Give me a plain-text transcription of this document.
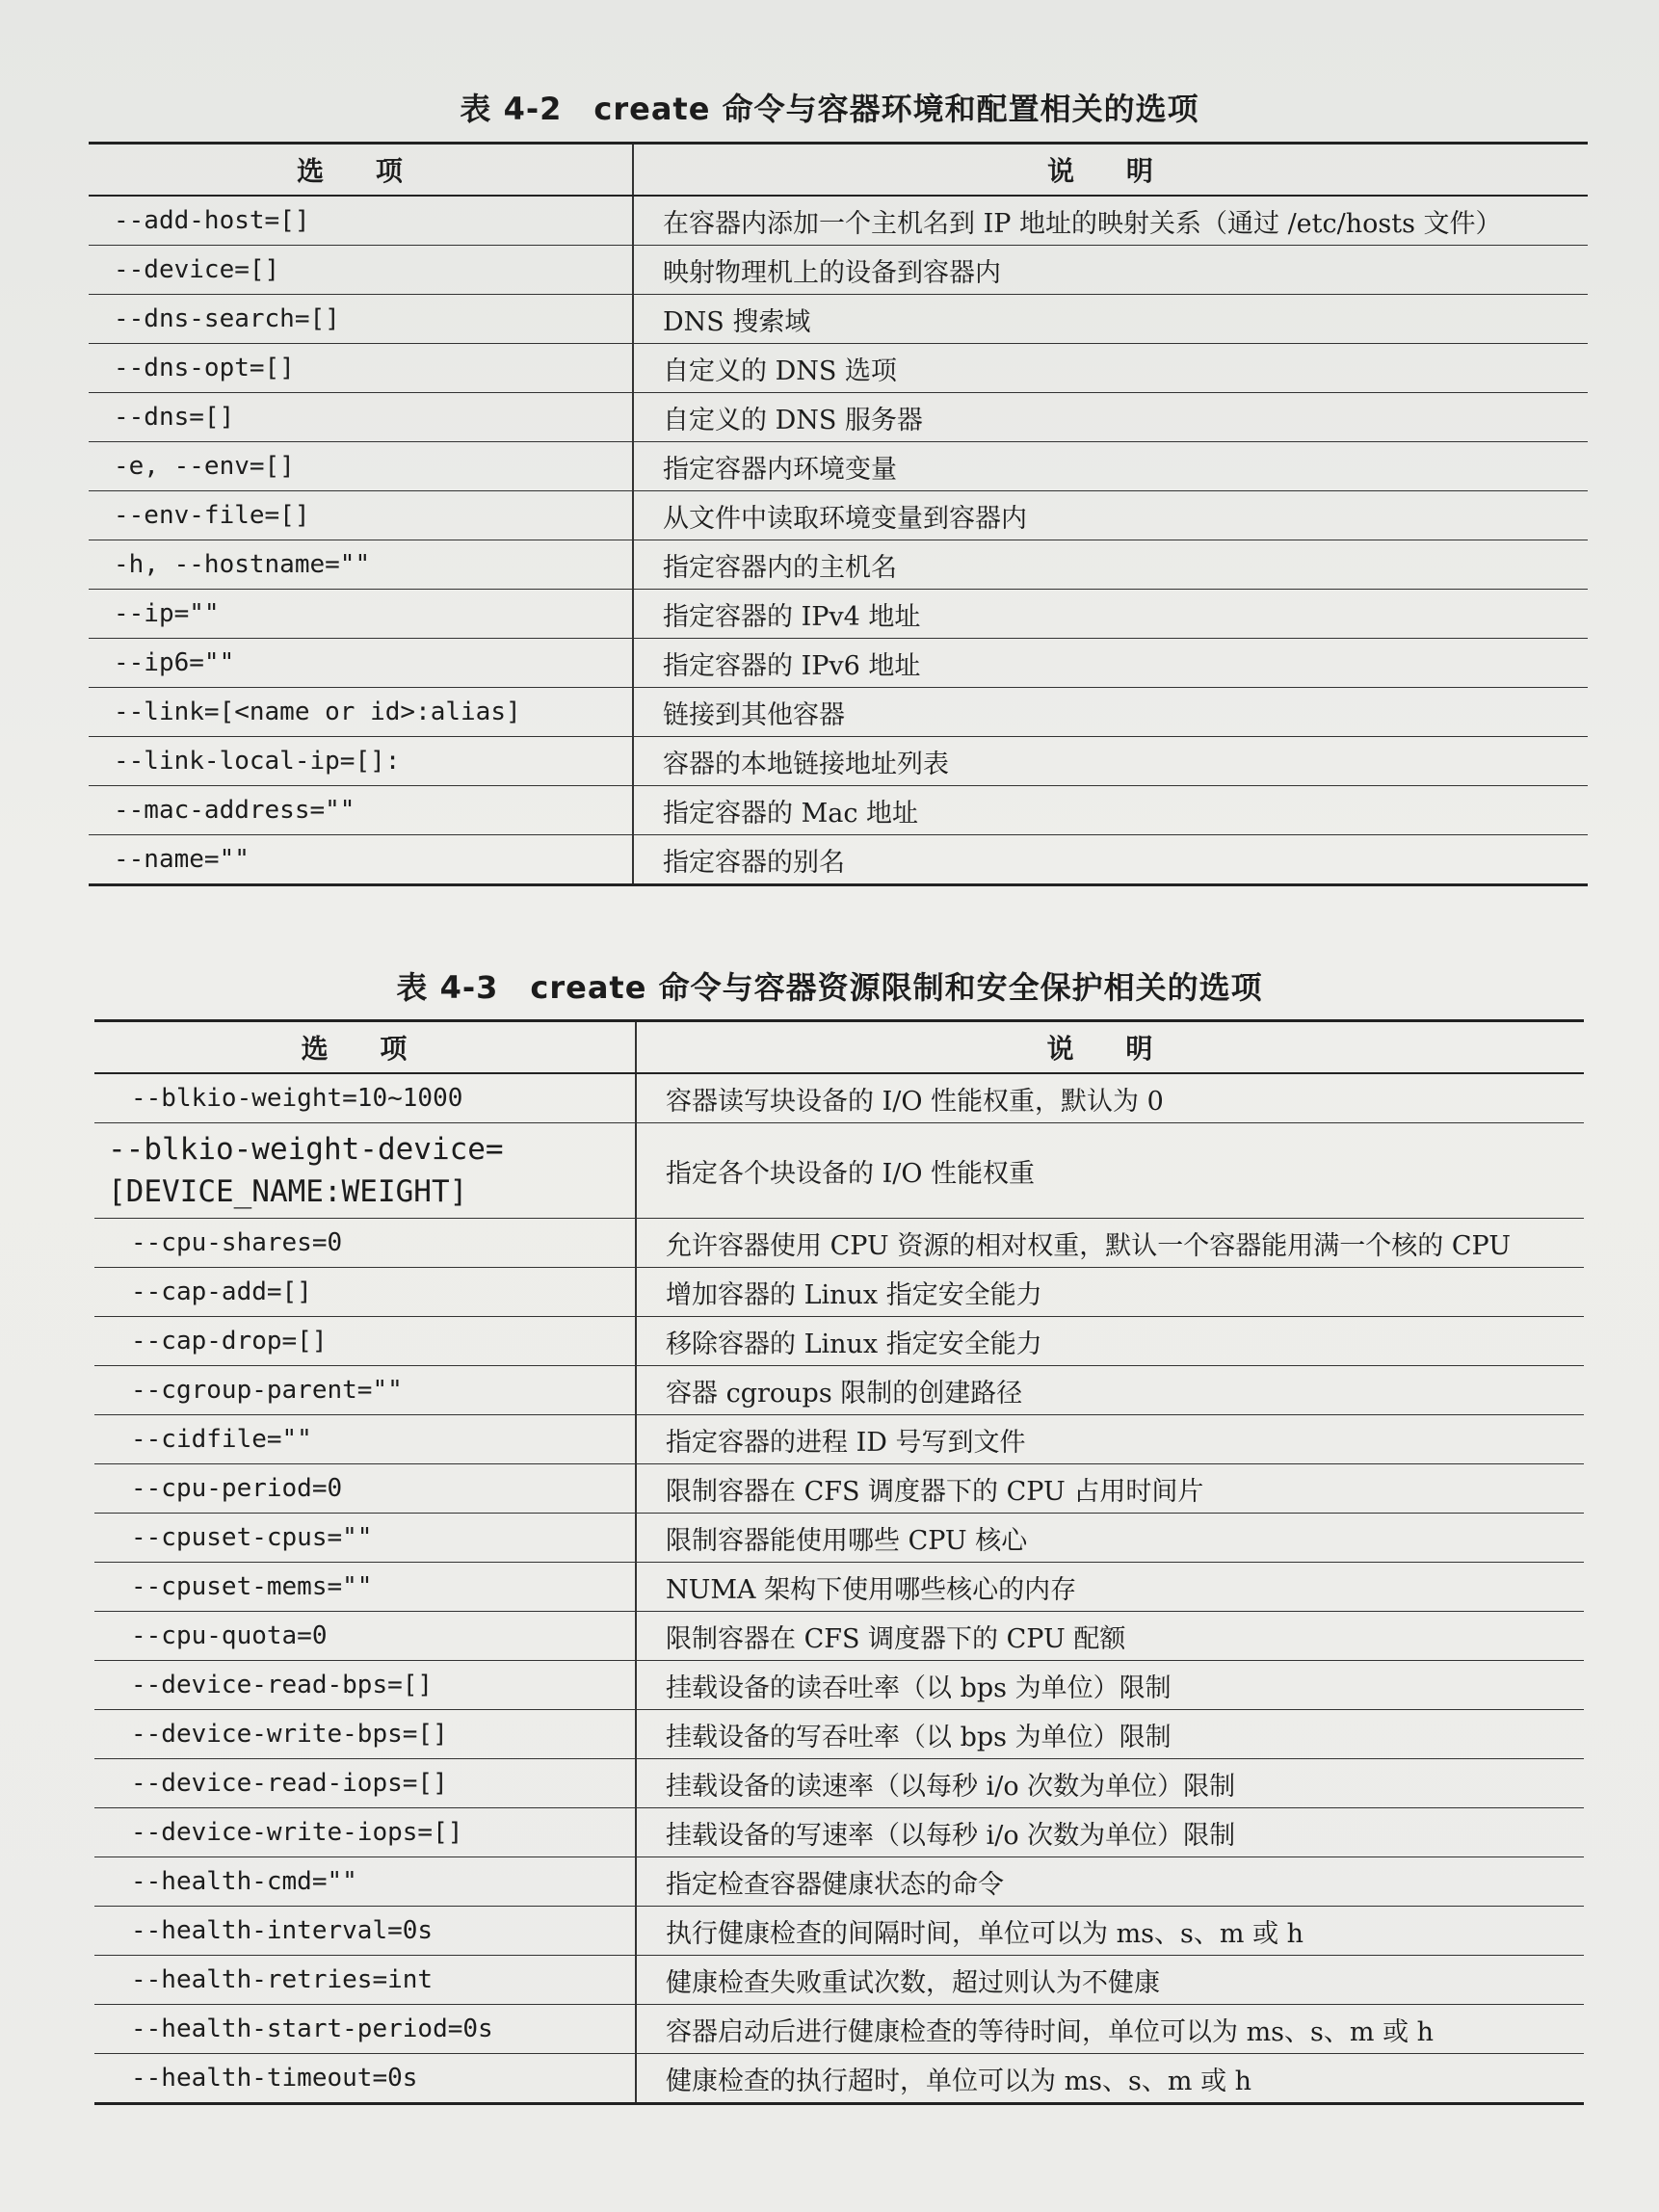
表 4-2　create 命令与容器环境和配置相关的选项
选 项	说 明
--add-host=[]	在容器内添加一个主机名到 IP 地址的映射关系（通过 /etc/hosts 文件）
--device=[]	映射物理机上的设备到容器内
--dns-search=[]	DNS 搜索域
--dns-opt=[]	自定义的 DNS 选项
--dns=[]	自定义的 DNS 服务器
-e, --env=[]	指定容器内环境变量
--env-file=[]	从文件中读取环境变量到容器内
-h, --hostname=""	指定容器内的主机名
--ip=""	指定容器的 IPv4 地址
--ip6=""	指定容器的 IPv6 地址
--link=[<name or id>:alias]	链接到其他容器
--link-local-ip=[]:	容器的本地链接地址列表
--mac-address=""	指定容器的 Mac 地址
--name=""	指定容器的别名
表 4-3　create 命令与容器资源限制和安全保护相关的选项
选 项	说 明
--blkio-weight=10~1000	容器读写块设备的 I/O 性能权重，默认为 0
--blkio-weight-device=[DEVICE_NAME:WEIGHT]	指定各个块设备的 I/O 性能权重
--cpu-shares=0	允许容器使用 CPU 资源的相对权重，默认一个容器能用满一个核的 CPU
--cap-add=[]	增加容器的 Linux 指定安全能力
--cap-drop=[]	移除容器的 Linux 指定安全能力
--cgroup-parent=""	容器 cgroups 限制的创建路径
--cidfile=""	指定容器的进程 ID 号写到文件
--cpu-period=0	限制容器在 CFS 调度器下的 CPU 占用时间片
--cpuset-cpus=""	限制容器能使用哪些 CPU 核心
--cpuset-mems=""	NUMA 架构下使用哪些核心的内存
--cpu-quota=0	限制容器在 CFS 调度器下的 CPU 配额
--device-read-bps=[]	挂载设备的读吞吐率（以 bps 为单位）限制
--device-write-bps=[]	挂载设备的写吞吐率（以 bps 为单位）限制
--device-read-iops=[]	挂载设备的读速率（以每秒 i/o 次数为单位）限制
--device-write-iops=[]	挂载设备的写速率（以每秒 i/o 次数为单位）限制
--health-cmd=""	指定检查容器健康状态的命令
--health-interval=0s	执行健康检查的间隔时间，单位可以为 ms、s、m 或 h
--health-retries=int	健康检查失败重试次数，超过则认为不健康
--health-start-period=0s	容器启动后进行健康检查的等待时间，单位可以为 ms、s、m 或 h
--health-timeout=0s	健康检查的执行超时，单位可以为 ms、s、m 或 h
